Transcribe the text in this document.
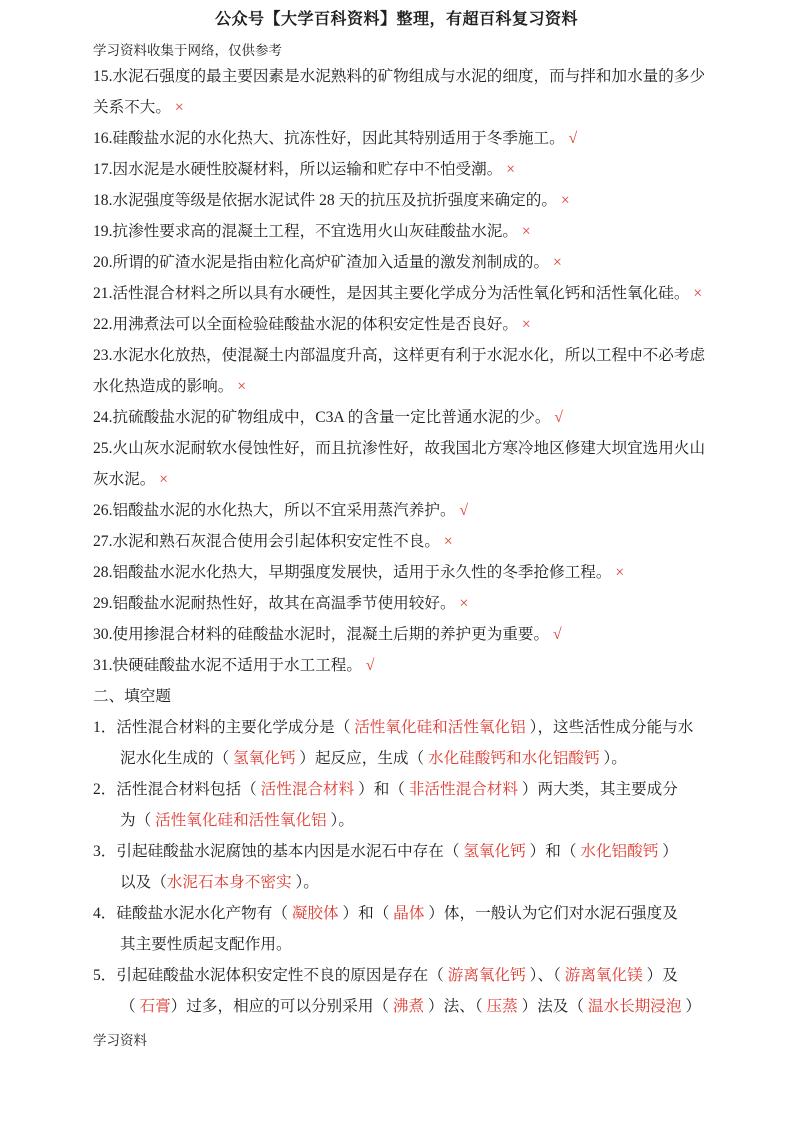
公众号【大学百科资料】整理，有超百科复习资料
学习资料收集于网络，仅供参考
15.水泥石强度的最主要因素是水泥熟料的矿物组成与水泥的细度，而与拌和加水量的多少
关系不大。 ×
16.硅酸盐水泥的水化热大、抗冻性好，因此其特别适用于冬季施工。 √
17.因水泥是水硬性胶凝材料，所以运输和贮存中不怕受潮。 ×
18.水泥强度等级是依据水泥试件 28 天的抗压及抗折强度来确定的。 ×
19.抗渗性要求高的混凝土工程，不宜选用火山灰硅酸盐水泥。 ×
20.所谓的矿渣水泥是指由粒化高炉矿渣加入适量的激发剂制成的。 ×
21.活性混合材料之所以具有水硬性，是因其主要化学成分为活性氧化钙和活性氧化硅。 ×
22.用沸煮法可以全面检验硅酸盐水泥的体积安定性是否良好。 ×
23.水泥水化放热，使混凝土内部温度升高，这样更有利于水泥水化，所以工程中不必考虑
水化热造成的影响。 ×
24.抗硫酸盐水泥的矿物组成中，C3A 的含量一定比普通水泥的少。 √
25.火山灰水泥耐软水侵蚀性好，而且抗渗性好，故我国北方寒冷地区修建大坝宜选用火山
灰水泥。 ×
26.铝酸盐水泥的水化热大，所以不宜采用蒸汽养护。 √
27.水泥和熟石灰混合使用会引起体积安定性不良。 ×
28.铝酸盐水泥水化热大，早期强度发展快，适用于永久性的冬季抢修工程。 ×
29.铝酸盐水泥耐热性好，故其在高温季节使用较好。 ×
30.使用掺混合材料的硅酸盐水泥时，混凝土后期的养护更为重要。 √
31.快硬硅酸盐水泥不适用于水工工程。 √
二、填空题
1．活性混合材料的主要化学成分是（ 活性氧化硅和活性氧化铝 ），这些活性成分能与水
泥水化生成的（ 氢氧化钙 ）起反应，生成（ 水化硅酸钙和水化铝酸钙 ）。
2．活性混合材料包括（ 活性混合材料 ）和（ 非活性混合材料 ）两大类，其主要成分
为（ 活性氧化硅和活性氧化铝 ）。
3．引起硅酸盐水泥腐蚀的基本内因是水泥石中存在（ 氢氧化钙 ）和（ 水化铝酸钙 ）
以及（水泥石本身不密实 ）。
4．硅酸盐水泥水化产物有（ 凝胶体 ）和（ 晶体 ）体，一般认为它们对水泥石强度及
其主要性质起支配作用。
5．引起硅酸盐水泥体积安定性不良的原因是存在（ 游离氧化钙 ）、（ 游离氧化镁 ）及
（ 石膏）过多，相应的可以分别采用（ 沸煮 ）法、（ 压蒸 ）法及（ 温水长期浸泡 ）
学习资料
